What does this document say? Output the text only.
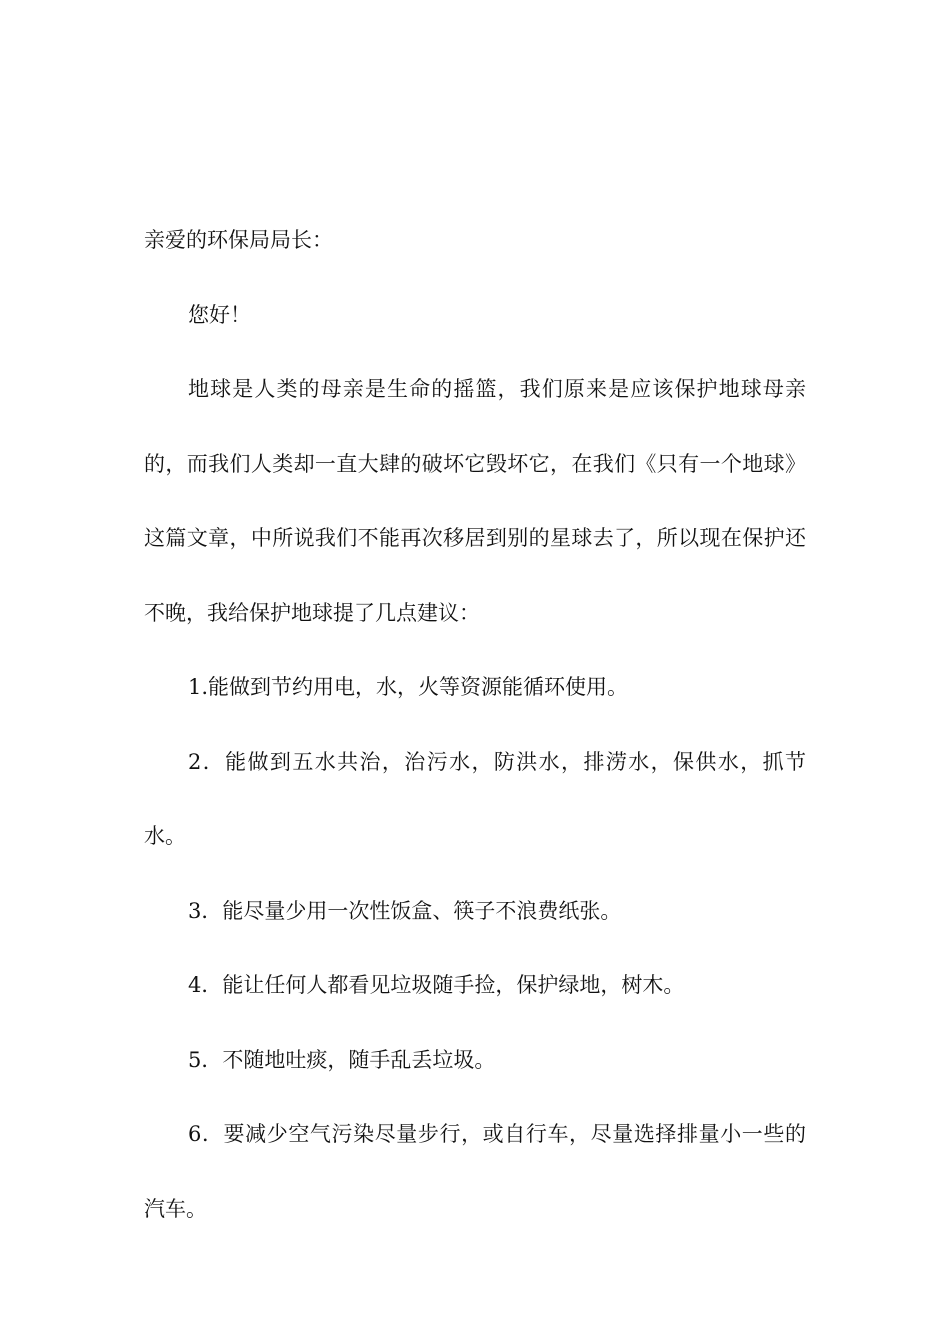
亲爱的环保局局长：

您好！

地球是人类的母亲是生命的摇篮，我们原来是应该保护地球母亲的，而我们人类却一直大肆的破坏它毁坏它，在我们《只有一个地球》这篇文章，中所说我们不能再次移居到别的星球去了，所以现在保护还不晚，我给保护地球提了几点建议：

1.能做到节约用电，水，火等资源能循环使用。

2．能做到五水共治，治污水，防洪水，排涝水，保供水，抓节水。

3．能尽量少用一次性饭盒、筷子不浪费纸张。

4．能让任何人都看见垃圾随手捡，保护绿地，树木。

5．不随地吐痰，随手乱丢垃圾。

6．要减少空气污染尽量步行，或自行车，尽量选择排量小一些的汽车。
